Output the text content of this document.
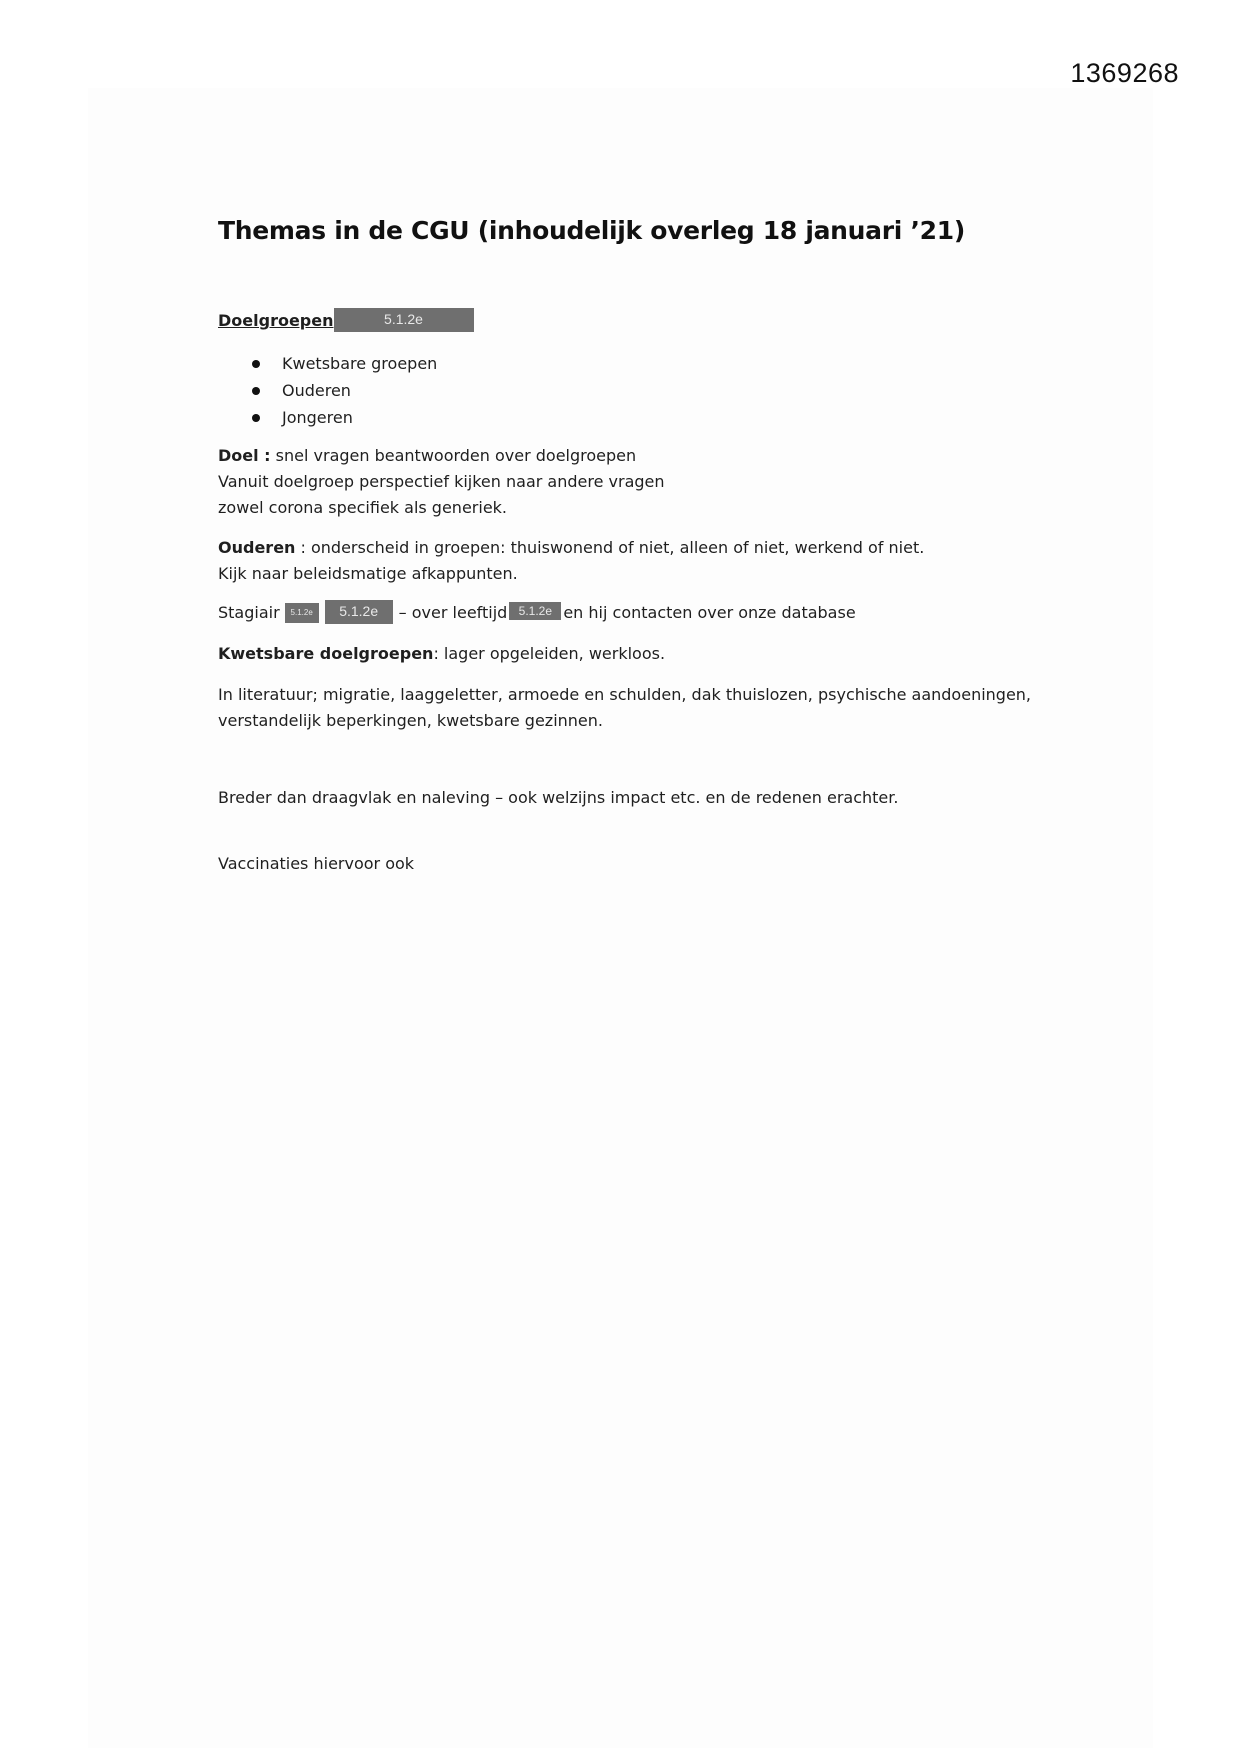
1369268
Themas in de CGU (inhoudelijk overleg 18 januari ’21)
Doelgroepen	5.1.2e
Kwetsbare groepen
Ouderen
Jongeren
Doel : snel vragen beantwoorden over doelgroepen
Vanuit doelgroep perspectief kijken naar andere vragen
zowel corona specifiek als generiek.
Ouderen : onderscheid in groepen: thuiswonend of niet, alleen of niet, werkend of niet.
Kijk naar beleidsmatige afkappunten.
Stagiair	5.1.2e	5.1.2e	– over leeftijd 5.1.2e en hij contacten over onze database
Kwetsbare doelgroepen: lager opgeleiden, werkloos.
In literatuur; migratie, laaggeletter, armoede en schulden, dak thuislozen, psychische aandoeningen,
verstandelijk beperkingen, kwetsbare gezinnen.
Breder dan draagvlak en naleving – ook welzijns impact etc. en de redenen erachter.
Vaccinaties hiervoor ook
